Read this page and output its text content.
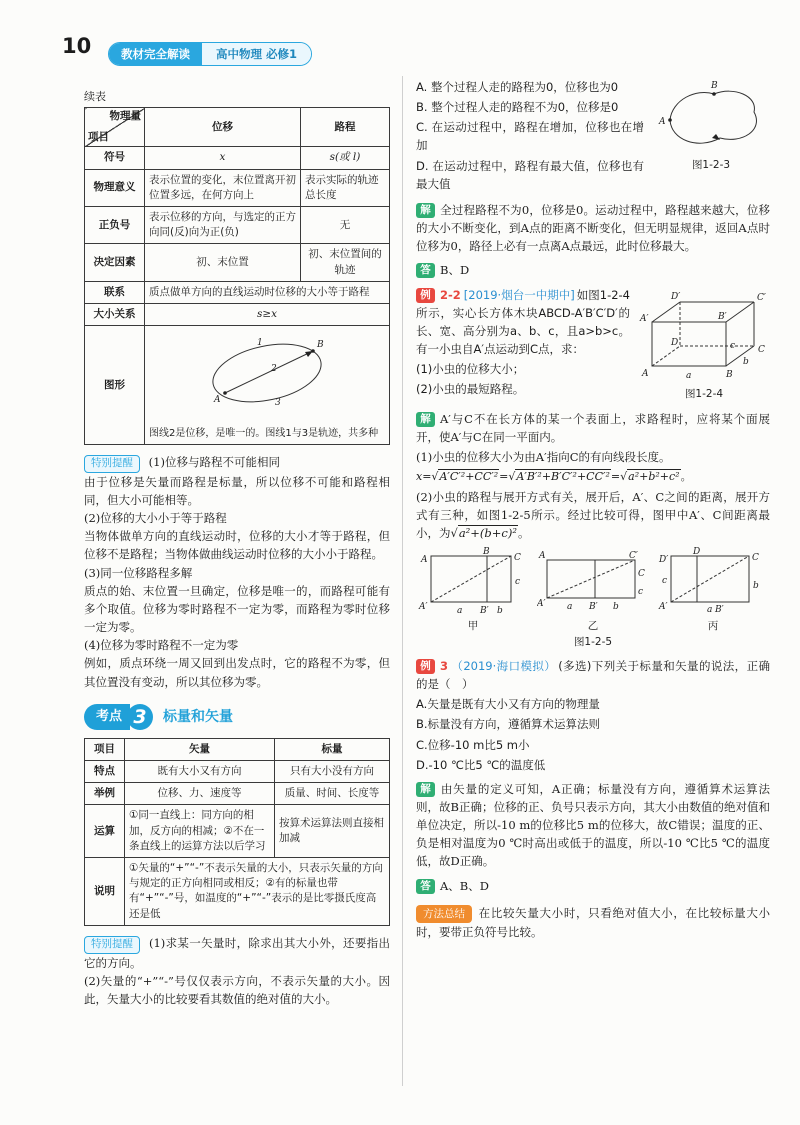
10	教材完全解读	高中物理 必修1
续表
物理量
项目	位移	路程
符号	x	s(或 l)
物理意义	表示位置的变化，末位置离开初位置多远，在何方向上	表示实际的轨迹总长度
正负号	表示位移的方向，与选定的正方向同(反)向为正(负)	无
决定因素	初、末位置	初、末位置间的轨迹
联系	质点做单方向的直线运动时位移的大小等于路程	
大小关系	s≥x	
图形	
A
B
1
2
3
图线2是位移，是唯一的。图线1与3是轨迹，共多种
特别提醒 (1)位移与路程不可能相同
由于位移是矢量而路程是标量，所以位移不可能和路程相同，但大小可能相等。
(2)位移的大小小于等于路程
当物体做单方向的直线运动时，位移的大小才等于路程，但位移不是路程；当物体做曲线运动时位移的大小小于路程。
(3)同一位移路程多解
质点的始、末位置一旦确定，位移是唯一的，而路程可能有多个取值。位移为零时路程不一定为零，而路程为零时位移一定为零。
(4)位移为零时路程不一定为零
例如，质点环绕一周又回到出发点时，它的路程不为零，但其位置没有变动，所以其位移为零。
考点 3	标量和矢量
项目	矢量	标量
特点	既有大小又有方向	只有大小没有方向
举例	位移、力、速度等	质量、时间、长度等
运算	①同一直线上：同方向的相加，反方向的相减；②不在一条直线上的运算方法以后学习	按算术运算法则直接相加减
说明	①矢量的“+”“-”不表示矢量的大小，只表示矢量的方向与规定的正方向相同或相反；②有的标量也带有“+”“-”号，如温度的“+”“-”表示的是比零摄氏度高还是低	
特别提醒 (1)求某一矢量时，除求出其大小外，还要指出它的方向。
(2)矢量的“+”“-”号仅仅表示方向，不表示矢量的大小。因此，矢量大小的比较要看其数值的绝对值的大小。
A
B
图1-2-3
A. 整个过程人走的路程为0，位移也为0
B. 整个过程人走的路程不为0，位移是0
C. 在运动过程中，路程在增加，位移也在增加
D. 在运动过程中，路程有最大值，位移也有最大值
解 全过程路程不为0，位移是0。运动过程中，路程越来越大，位移的大小不断变化，到A点的距离不断变化，但无明显规律，返回A点时位移为0，路径上必有一点离A点最远，此时位移最大。
答 B、D
A	B
C
D
A′	B′
C′
D′
a
b
c
图1-2-4
例 2-2 [2019·烟台一中期中] 如图1-2-4所示，实心长方体木块ABCD-A′B′C′D′的长、宽、高分别为a、b、c，且a>b>c。有一小虫自A′点运动到C点，求：
(1)小虫的位移大小；
(2)小虫的最短路程。
解 A′与C不在长方体的某一个表面上，求路程时，应将某个面展开，使A′与C在同一平面内。
(1)小虫的位移大小为由A′指向C的有向线段长度。
x=√A′C′²+CC′²=√A′B′²+B′C′²+CC′²=√a²+b²+c²。
(2)小虫的路程与展开方式有关，展开后，A′、C之间的距离，展开方式有三种，如图1-2-5所示。经过比较可得，图甲中A′、C间距离最小，为√a²+(b+c)²。
A
A′	a B′ b
B
C
c
甲
A′ a B′ b
C′
C
c
A
乙
D′
D
c
a
C
b
A′	B′
丙
图1-2-5
例 3 （2019·海口模拟） (多选)下列关于标量和矢量的说法，正确的是（　）
A.矢量是既有大小又有方向的物理量
B.标量没有方向，遵循算术运算法则
C.位移-10 m比5 m小
D.-10 ℃比5 ℃的温度低
解 由矢量的定义可知，A正确；标量没有方向，遵循算术运算法则，故B正确；位移的正、负号只表示方向，其大小由数值的绝对值和单位决定，所以-10 m的位移比5 m的位移大，故C错误；温度的正、负是相对温度为0 ℃时高出或低于的温度，所以-10 ℃比5 ℃的温度低，故D正确。
答 A、B、D
方法总结 在比较矢量大小时，只看绝对值大小，在比较标量大小时，要带正负符号比较。
